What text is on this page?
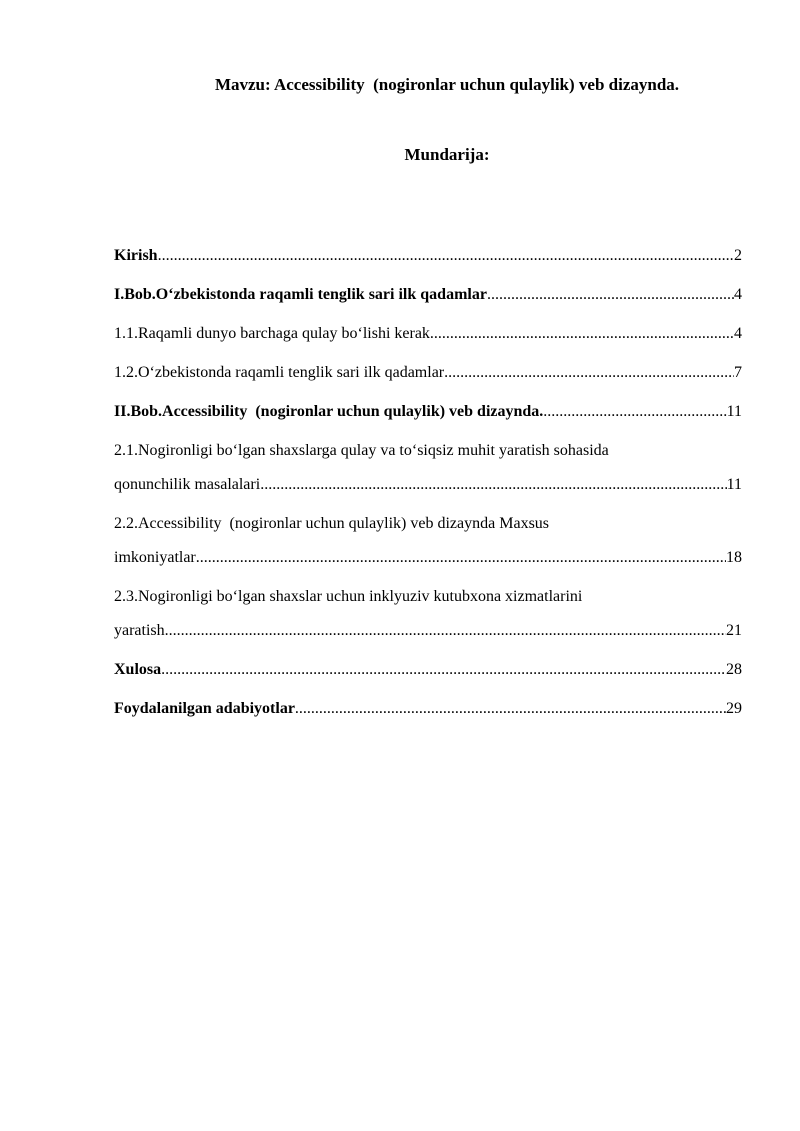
Mavzu: Accessibility  (nogironlar uchun qulaylik) veb dizaynda.
Mundarija:
Kirish .....	2
I.Bob.O‘zbekistonda raqamli tenglik sari ilk qadamlar .....	4
1.1.Raqamli dunyo barchaga qulay bo‘lishi kerak .....	4
1.2.O‘zbekistonda raqamli tenglik sari ilk qadamlar .....	7
II.Bob.Accessibility  (nogironlar uchun qulaylik) veb dizaynda. .....	11
2.1.Nogironligi bo‘lgan shaxslarga qulay va to‘siqsiz muhit yaratish sohasida
qonunchilik masalalari .....	11
2.2.Accessibility  (nogironlar uchun qulaylik) veb dizaynda Maxsus
imkoniyatlar .....	18
2.3.Nogironligi bo‘lgan shaxslar uchun inklyuziv kutubxona xizmatlarini
yaratish .....	21
Xulosa .....	28
Foydalanilgan adabiyotlar .....	29
